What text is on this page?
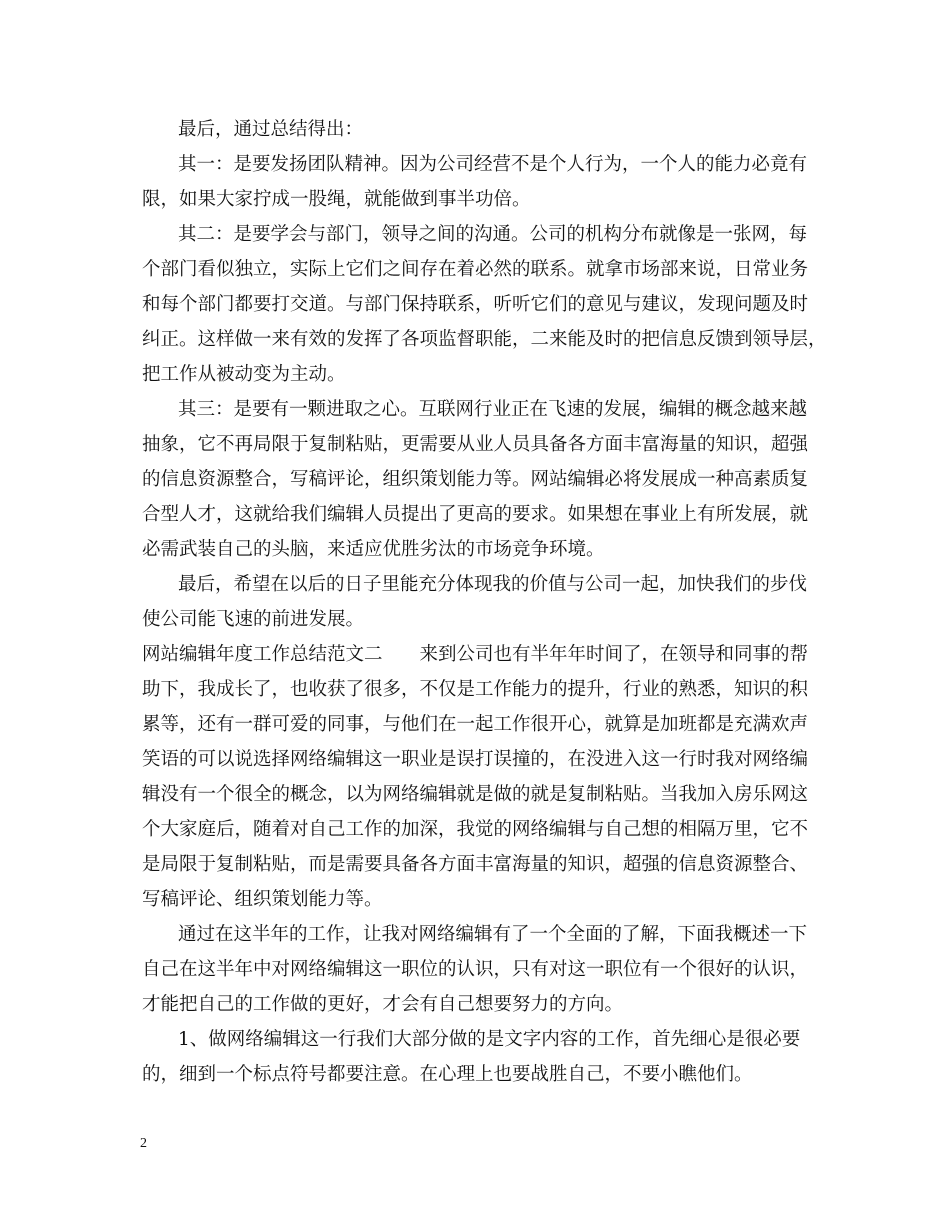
最后，通过总结得出：
其一：是要发扬团队精神。因为公司经营不是个人行为，一个人的能力必竟有
限，如果大家拧成一股绳，就能做到事半功倍。
其二：是要学会与部门，领导之间的沟通。公司的机构分布就像是一张网，每
个部门看似独立，实际上它们之间存在着必然的联系。就拿市场部来说，日常业务
和每个部门都要打交道。与部门保持联系，听听它们的意见与建议，发现问题及时
纠正。这样做一来有效的发挥了各项监督职能，二来能及时的把信息反馈到领导层，
把工作从被动变为主动。
其三：是要有一颗进取之心。互联网行业正在飞速的发展，编辑的概念越来越
抽象，它不再局限于复制粘贴，更需要从业人员具备各方面丰富海量的知识，超强
的信息资源整合，写稿评论，组织策划能力等。网站编辑必将发展成一种高素质复
合型人才，这就给我们编辑人员提出了更高的要求。如果想在事业上有所发展，就
必需武装自己的头脑，来适应优胜劣汰的市场竞争环境。
最后，希望在以后的日子里能充分体现我的价值与公司一起，加快我们的步伐
使公司能飞速的前进发展。
网站编辑年度工作总结范文二　　来到公司也有半年年时间了，在领导和同事的帮
助下，我成长了，也收获了很多，不仅是工作能力的提升，行业的熟悉，知识的积
累等，还有一群可爱的同事，与他们在一起工作很开心，就算是加班都是充满欢声
笑语的可以说选择网络编辑这一职业是误打误撞的，在没进入这一行时我对网络编
辑没有一个很全的概念，以为网络编辑就是做的就是复制粘贴。当我加入房乐网这
个大家庭后，随着对自己工作的加深，我觉的网络编辑与自己想的相隔万里，它不
是局限于复制粘贴，而是需要具备各方面丰富海量的知识，超强的信息资源整合、
写稿评论、组织策划能力等。
通过在这半年的工作，让我对网络编辑有了一个全面的了解，下面我概述一下
自己在这半年中对网络编辑这一职位的认识，只有对这一职位有一个很好的认识，
才能把自己的工作做的更好，才会有自己想要努力的方向。
1、做网络编辑这一行我们大部分做的是文字内容的工作，首先细心是很必要
的，细到一个标点符号都要注意。在心理上也要战胜自己，不要小瞧他们。
2
